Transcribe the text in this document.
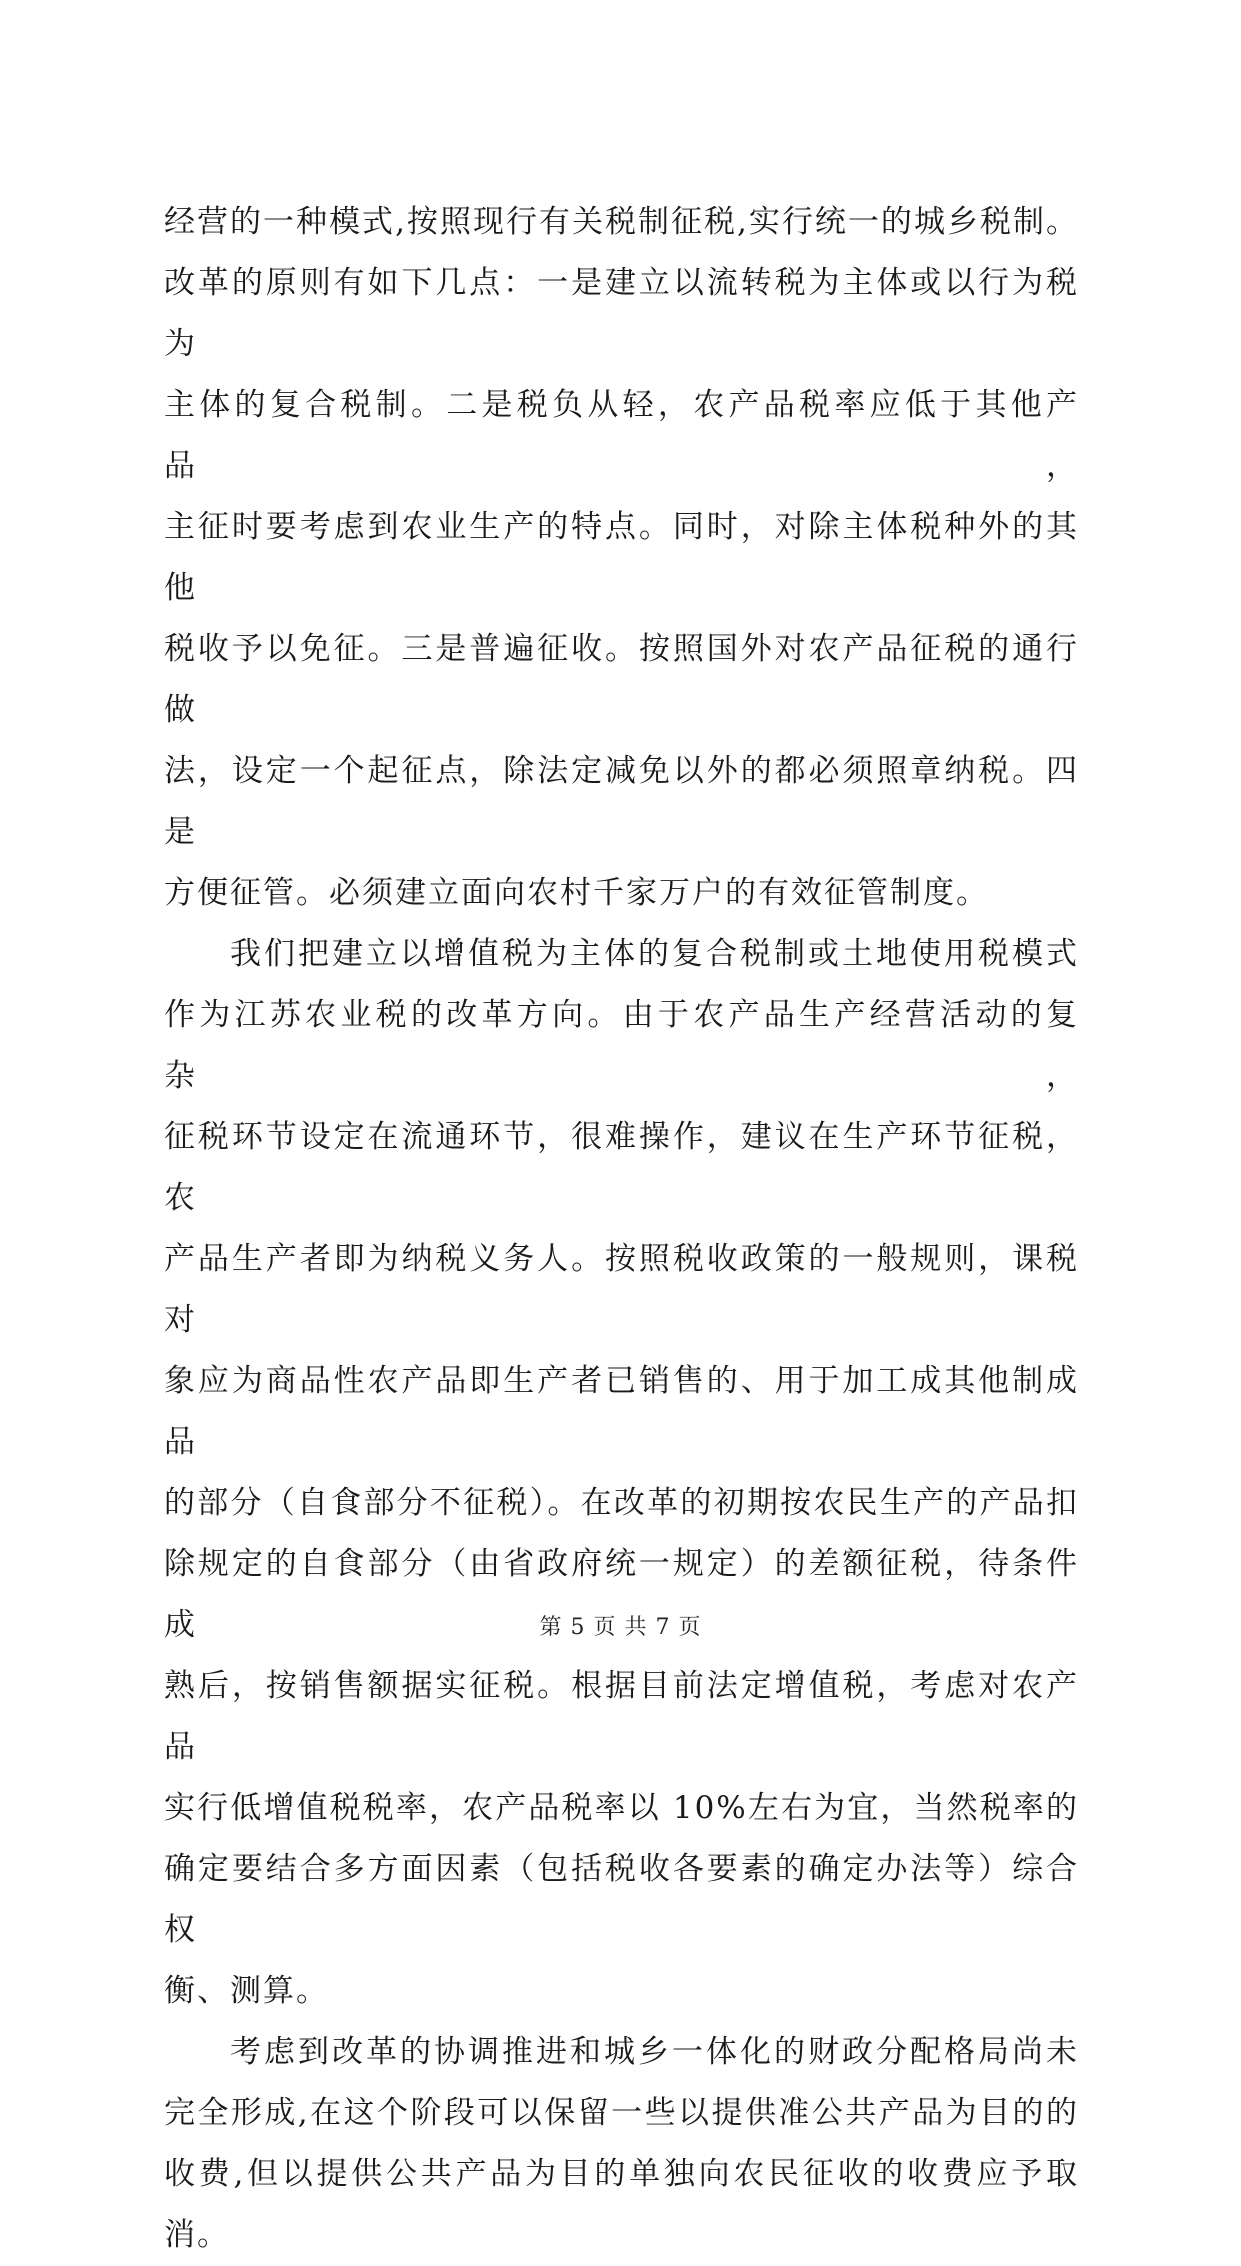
经营的一种模式,按照现行有关税制征税,实行统一的城乡税制。

改革的原则有如下几点：一是建立以流转税为主体或以行为税为

主体的复合税制。二是税负从轻，农产品税率应低于其他产品，

主征时要考虑到农业生产的特点。同时，对除主体税种外的其他

税收予以免征。三是普遍征收。按照国外对农产品征税的通行做

法，设定一个起征点，除法定减免以外的都必须照章纳税。四是

方便征管。必须建立面向农村千家万户的有效征管制度。

我们把建立以增值税为主体的复合税制或土地使用税模式

作为江苏农业税的改革方向。由于农产品生产经营活动的复杂，

征税环节设定在流通环节，很难操作，建议在生产环节征税，农

产品生产者即为纳税义务人。按照税收政策的一般规则，课税对

象应为商品性农产品即生产者已销售的、用于加工成其他制成品

的部分（自食部分不征税）。在改革的初期按农民生产的产品扣

除规定的自食部分（由省政府统一规定）的差额征税，待条件成

熟后，按销售额据实征税。根据目前法定增值税，考虑对农产品

实行低增值税税率，农产品税率以 10%左右为宜，当然税率的

确定要结合多方面因素（包括税收各要素的确定办法等）综合权

衡、测算。

考虑到改革的协调推进和城乡一体化的财政分配格局尚未

完全形成,在这个阶段可以保留一些以提供准公共产品为目的的

收费,但以提供公共产品为目的单独向农民征收的收费应予取消。

第 5 页 共 7 页
